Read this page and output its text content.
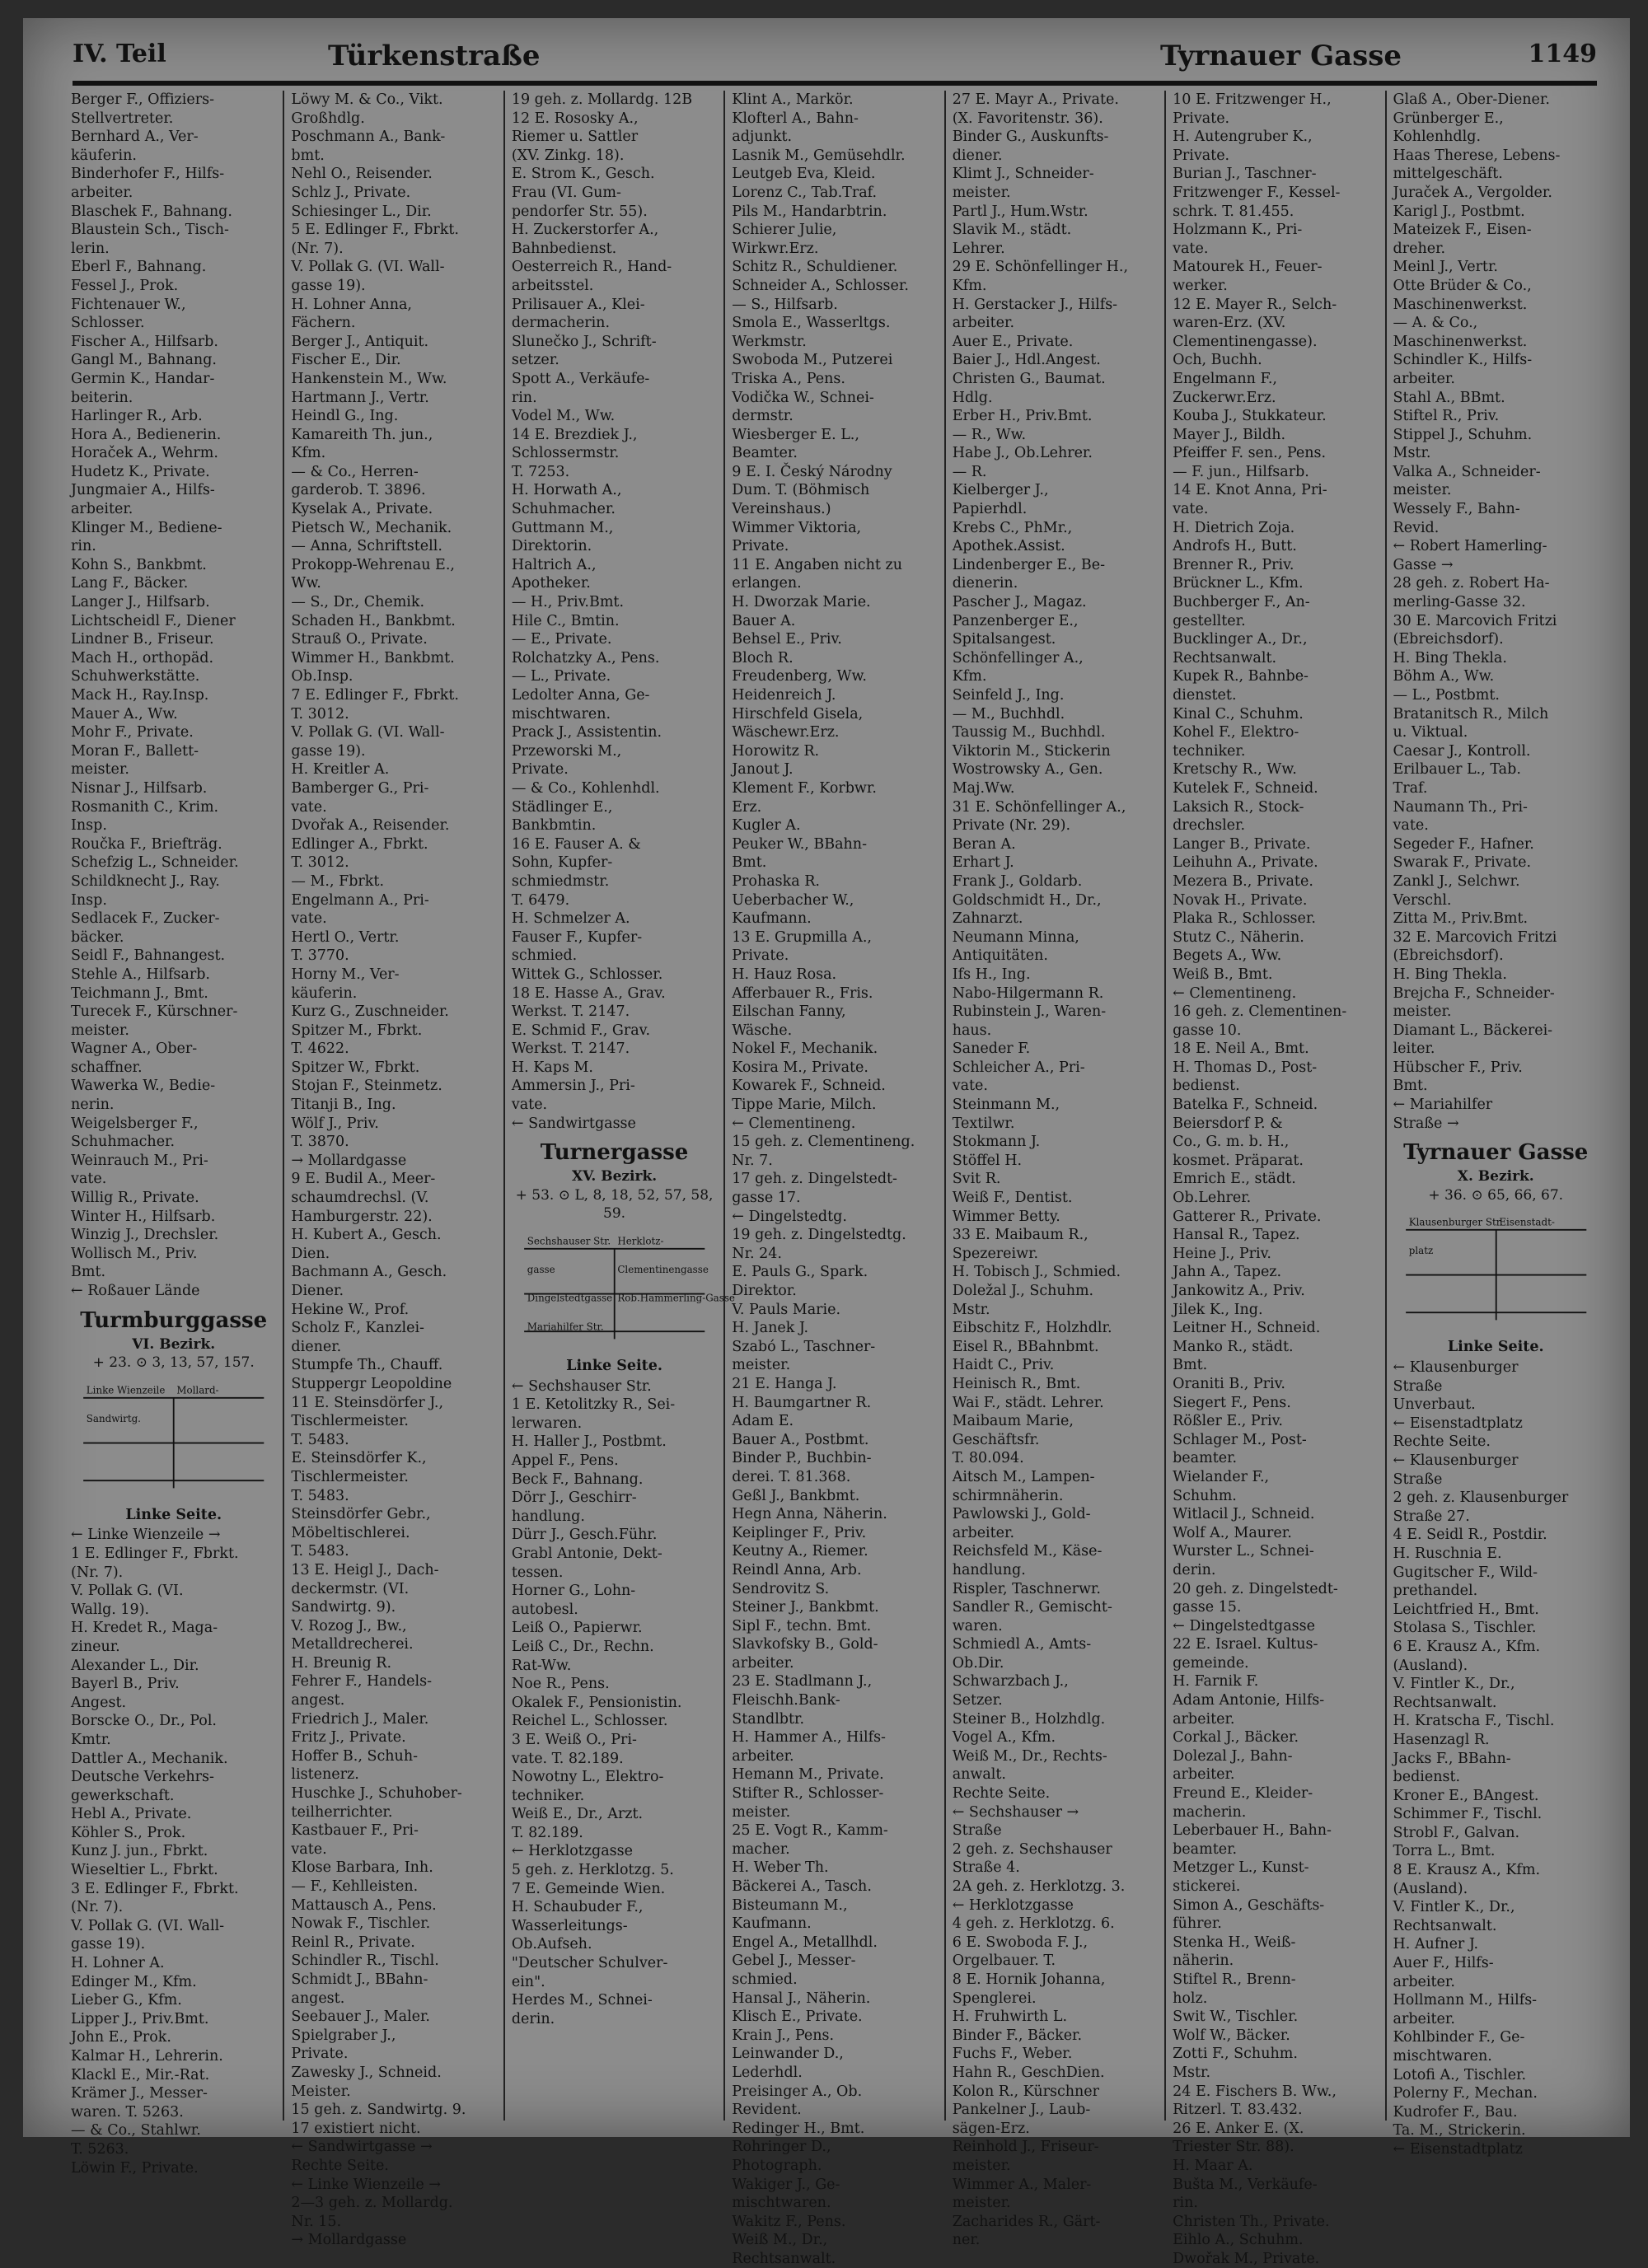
IV. Teil	Türkenstraße	Tyrnauer Gasse	1149
Berger F., Offiziers-
Stellvertreter.
Bernhard A., Ver-
käuferin.
Binderhofer F., Hilfs-
arbeiter.
Blaschek F., Bahnang.
Blaustein Sch., Tisch-
lerin.
Eberl F., Bahnang.
Fessel J., Prok.
Fichtenauer W.,
Schlosser.
Fischer A., Hilfsarb.
Gangl M., Bahnang.
Germin K., Handar-
beiterin.
Harlinger R., Arb.
Hora A., Bedienerin.
Horaček A., Wehrm.
Hudetz K., Private.
Jungmaier A., Hilfs-
arbeiter.
Klinger M., Bediene-
rin.
Kohn S., Bankbmt.
Lang F., Bäcker.
Langer J., Hilfsarb.
Lichtscheidl F., Diener
Lindner B., Friseur.
Mach H., orthopäd.
Schuhwerkstätte.
Mack H., Ray.Insp.
Mauer A., Ww.
Mohr F., Private.
Moran F., Ballett-
meister.
Nisnar J., Hilfsarb.
Rosmanith C., Krim.
Insp.
Roučka F., Briefträg.
Schefzig L., Schneider.
Schildknecht J., Ray.
Insp.
Sedlacek F., Zucker-
bäcker.
Seidl F., Bahnangest.
Stehle A., Hilfsarb.
Teichmann J., Bmt.
Turecek F., Kürschner-
meister.
Wagner A., Ober-
schaffner.
Wawerka W., Bedie-
nerin.
Weigelsberger F.,
Schuhmacher.
Weinrauch M., Pri-
vate.
Willig R., Private.
Winter H., Hilfsarb.
Winzig J., Drechsler.
Wollisch M., Priv.
Bmt.
← Roßauer Lände
Turmburggasse
VI. Bezirk.
+ 23. ⊙ 3, 13, 57, 157.
Linke Wienzeile Mollard-
Sandwirtg.
Linke Seite.
← Linke Wienzeile →
1 E. Edlinger F., Fbrkt.
(Nr. 7).
V. Pollak G. (VI.
Wallg. 19).
H. Kredet R., Maga-
zineur.
Alexander L., Dir.
Bayerl B., Priv.
Angest.
Borscke O., Dr., Pol.
Kmtr.
Dattler A., Mechanik.
Deutsche Verkehrs-
gewerkschaft.
Hebl A., Private.
Köhler S., Prok.
Kunz J. jun., Fbrkt.
Wieseltier L., Fbrkt.
3 E. Edlinger F., Fbrkt.
(Nr. 7).
V. Pollak G. (VI. Wall-
gasse 19).
H. Lohner A.
Edinger M., Kfm.
Lieber G., Kfm.
Lipper J., Priv.Bmt.
John E., Prok.
Kalmar H., Lehrerin.
Klackl E., Mir.-Rat.
Krämer J., Messer-
waren. T. 5263.
— & Co., Stahlwr.
T. 5263.
Löwin F., Private.
Löwy M. & Co., Vikt.
Großhdlg.
Poschmann A., Bank-
bmt.
Nehl O., Reisender.
Schlz J., Private.
Schiesinger L., Dir.
5 E. Edlinger F., Fbrkt.
(Nr. 7).
V. Pollak G. (VI. Wall-
gasse 19).
H. Lohner Anna,
Fächern.
Berger J., Antiquit.
Fischer E., Dir.
Hankenstein M., Ww.
Hartmann J., Vertr.
Heindl G., Ing.
Kamareith Th. jun.,
Kfm.
— & Co., Herren-
garderob. T. 3896.
Kyselak A., Private.
Pietsch W., Mechanik.
— Anna, Schriftstell.
Prokopp-Wehrenau E.,
Ww.
— S., Dr., Chemik.
Schaden H., Bankbmt.
Strauß O., Private.
Wimmer H., Bankbmt.
Ob.Insp.
7 E. Edlinger F., Fbrkt.
T. 3012.
V. Pollak G. (VI. Wall-
gasse 19).
H. Kreitler A.
Bamberger G., Pri-
vate.
Dvořak A., Reisender.
Edlinger A., Fbrkt.
T. 3012.
— M., Fbrkt.
Engelmann A., Pri-
vate.
Hertl O., Vertr.
T. 3770.
Horny M., Ver-
käuferin.
Kurz G., Zuschneider.
Spitzer M., Fbrkt.
T. 4622.
Spitzer W., Fbrkt.
Stojan F., Steinmetz.
Titanji B., Ing.
Wölf J., Priv.
T. 3870.
→ Mollardgasse
9 E. Budil A., Meer-
schaumdrechsl. (V.
Hamburgerstr. 22).
H. Kubert A., Gesch.
Dien.
Bachmann A., Gesch.
Diener.
Hekine W., Prof.
Scholz F., Kanzlei-
diener.
Stumpfe Th., Chauff.
Stuppergr Leopoldine
11 E. Steinsdörfer J.,
Tischlermeister.
T. 5483.
E. Steinsdörfer K.,
Tischlermeister.
T. 5483.
Steinsdörfer Gebr.,
Möbeltischlerei.
T. 5483.
13 E. Heigl J., Dach-
deckermstr. (VI.
Sandwirtg. 9).
V. Rozog J., Bw.,
Metalldrecherei.
H. Breunig R.
Fehrer F., Handels-
angest.
Friedrich J., Maler.
Fritz J., Private.
Hoffer B., Schuh-
listenerz.
Huschke J., Schuhober-
teilherrichter.
Kastbauer F., Pri-
vate.
Klose Barbara, Inh.
— F., Kehlleisten.
Mattausch A., Pens.
Nowak F., Tischler.
Reinl R., Private.
Schindler R., Tischl.
Schmidt J., BBahn-
angest.
Seebauer J., Maler.
Spielgraber J.,
Private.
Zawesky J., Schneid.
Meister.
15 geh. z. Sandwirtg. 9.
17 existiert nicht.
← Sandwirtgasse →
Rechte Seite.
← Linke Wienzeile →
2—3 geh. z. Mollardg.
Nr. 15.
→ Mollardgasse
19 geh. z. Mollardg. 12B
12 E. Rososky A.,
Riemer u. Sattler
(XV. Zinkg. 18).
E. Strom K., Gesch.
Frau (VI. Gum-
pendorfer Str. 55).
H. Zuckerstorfer A.,
Bahnbedienst.
Oesterreich R., Hand-
arbeitsstel.
Prilisauer A., Klei-
dermacherin.
Slunečko J., Schrift-
setzer.
Spott A., Verkäufe-
rin.
Vodel M., Ww.
14 E. Brezdiek J.,
Schlossermstr.
T. 7253.
H. Horwath A.,
Schuhmacher.
Guttmann M.,
Direktorin.
Haltrich A.,
Apotheker.
— H., Priv.Bmt.
Hile C., Bmtin.
— E., Private.
Rolchatzky A., Pens.
— L., Private.
Ledolter Anna, Ge-
mischtwaren.
Prack J., Assistentin.
Przeworski M.,
Private.
— & Co., Kohlenhdl.
Städlinger E.,
Bankbmtin.
16 E. Fauser A. &
Sohn, Kupfer-
schmiedmstr.
T. 6479.
H. Schmelzer A.
Fauser F., Kupfer-
schmied.
Wittek G., Schlosser.
18 E. Hasse A., Grav.
Werkst. T. 2147.
E. Schmid F., Grav.
Werkst. T. 2147.
H. Kaps M.
Ammersin J., Pri-
vate.
← Sandwirtgasse
Turnergasse
XV. Bezirk.
+ 53. ⊙ L, 8, 18, 52, 57, 58, 59.
Sechshauser Str. Herklotz-
gasse	Clementinengasse
Dingelstedtgasse Rob.Hammerling-Gasse
Mariahilfer Str.
Linke Seite.
← Sechshauser Str.
1 E. Ketolitzky R., Sei-
lerwaren.
H. Haller J., Postbmt.
Appel F., Pens.
Beck F., Bahnang.
Dörr J., Geschirr-
handlung.
Dürr J., Gesch.Führ.
Grabl Antonie, Dekt-
tessen.
Horner G., Lohn-
autobesl.
Leiß O., Papierwr.
Leiß C., Dr., Rechn.
Rat-Ww.
Noe R., Pens.
Okalek F., Pensionistin.
Reichel L., Schlosser.
3 E. Weiß O., Pri-
vate. T. 82.189.
Nowotny L., Elektro-
techniker.
Weiß E., Dr., Arzt.
T. 82.189.
← Herklotzgasse
5 geh. z. Herklotzg. 5.
7 E. Gemeinde Wien.
H. Schaubuder F.,
Wasserleitungs-
Ob.Aufseh.
"Deutscher Schulver-
ein".
Herdes M., Schnei-
derin.
Klint A., Markör.
Klofterl A., Bahn-
adjunkt.
Lasnik M., Gemüsehdlr.
Leutgeb Eva, Kleid.
Lorenz C., Tab.Traf.
Pils M., Handarbtrin.
Schierer Julie,
Wirkwr.Erz.
Schitz R., Schuldiener.
Schneider A., Schlosser.
— S., Hilfsarb.
Smola E., Wasserltgs.
Werkmstr.
Swoboda M., Putzerei
Triska A., Pens.
Vodička W., Schnei-
dermstr.
Wiesberger E. L.,
Beamter.
9 E. I. Český Národny
Dum. T. (Böhmisch
Vereinshaus.)
Wimmer Viktoria,
Private.
11 E. Angaben nicht zu
erlangen.
H. Dworzak Marie.
Bauer A.
Behsel E., Priv.
Bloch R.
Freudenberg, Ww.
Heidenreich J.
Hirschfeld Gisela,
Wäschewr.Erz.
Horowitz R.
Janout J.
Klement F., Korbwr.
Erz.
Kugler A.
Peuker W., BBahn-
Bmt.
Prohaska R.
Ueberbacher W.,
Kaufmann.
13 E. Grupmilla A.,
Private.
H. Hauz Rosa.
Afferbauer R., Fris.
Eilschan Fanny,
Wäsche.
Nokel F., Mechanik.
Kosira M., Private.
Kowarek F., Schneid.
Tippe Marie, Milch.
← Clementineng.
15 geh. z. Clementineng.
Nr. 7.
17 geh. z. Dingelstedt-
gasse 17.
← Dingelstedtg.
19 geh. z. Dingelstedtg.
Nr. 24.
E. Pauls G., Spark.
Direktor.
V. Pauls Marie.
H. Janek J.
Szabó L., Taschner-
meister.
21 E. Hanga J.
H. Baumgartner R.
Adam E.
Bauer A., Postbmt.
Binder P., Buchbin-
derei. T. 81.368.
Geßl J., Bankbmt.
Hegn Anna, Näherin.
Keiplinger F., Priv.
Keutny A., Riemer.
Reindl Anna, Arb.
Sendrovitz S.
Steiner J., Bankbmt.
Sipl F., techn. Bmt.
Slavkofsky B., Gold-
arbeiter.
23 E. Stadlmann J.,
Fleischh.Bank-
Standlbtr.
H. Hammer A., Hilfs-
arbeiter.
Hemann M., Private.
Stifter R., Schlosser-
meister.
25 E. Vogt R., Kamm-
macher.
H. Weber Th.
Bäckerei A., Tasch.
Bisteumann M.,
Kaufmann.
Engel A., Metallhdl.
Gebel J., Messer-
schmied.
Hansal J., Näherin.
Klisch E., Private.
Krain J., Pens.
Leinwander D.,
Lederhdl.
Preisinger A., Ob.
Revident.
Redinger H., Bmt.
Rohringer D.,
Photograph.
Wakiger J., Ge-
mischtwaren.
Wakitz F., Pens.
Weiß M., Dr.,
Rechtsanwalt.
27 E. Mayr A., Private.
(X. Favoritenstr. 36).
Binder G., Auskunfts-
diener.
Klimt J., Schneider-
meister.
Partl J., Hum.Wstr.
Slavik M., städt.
Lehrer.
29 E. Schönfellinger H.,
Kfm.
H. Gerstacker J., Hilfs-
arbeiter.
Auer E., Private.
Baier J., Hdl.Angest.
Christen G., Baumat.
Hdlg.
Erber H., Priv.Bmt.
— R., Ww.
Habe J., Ob.Lehrer.
— R.
Kielberger J.,
Papierhdl.
Krebs C., PhMr.,
Apothek.Assist.
Lindenberger E., Be-
dienerin.
Pascher J., Magaz.
Panzenberger E.,
Spitalsangest.
Schönfellinger A.,
Kfm.
Seinfeld J., Ing.
— M., Buchhdl.
Taussig M., Buchhdl.
Viktorin M., Stickerin
Wostrowsky A., Gen.
Maj.Ww.
31 E. Schönfellinger A.,
Private (Nr. 29).
Beran A.
Erhart J.
Frank J., Goldarb.
Goldschmidt H., Dr.,
Zahnarzt.
Neumann Minna,
Antiquitäten.
Ifs H., Ing.
Nabo-Hilgermann R.
Rubinstein J., Waren-
haus.
Saneder F.
Schleicher A., Pri-
vate.
Steinmann M.,
Textilwr.
Stokmann J.
Stöffel H.
Svit R.
Weiß F., Dentist.
Wimmer Betty.
33 E. Maibaum R.,
Spezereiwr.
H. Tobisch J., Schmied.
Doležal J., Schuhm.
Mstr.
Eibschitz F., Holzhdlr.
Eisel R., BBahnbmt.
Haidt C., Priv.
Heinisch R., Bmt.
Wai F., städt. Lehrer.
Maibaum Marie,
Geschäftsfr.
T. 80.094.
Aitsch M., Lampen-
schirmnäherin.
Pawlowski J., Gold-
arbeiter.
Reichsfeld M., Käse-
handlung.
Rispler, Taschnerwr.
Sandler R., Gemischt-
waren.
Schmiedl A., Amts-
Ob.Dir.
Schwarzbach J.,
Setzer.
Steiner B., Holzhdlg.
Vogel A., Kfm.
Weiß M., Dr., Rechts-
anwalt.
Rechte Seite.
← Sechshauser →
Straße
2 geh. z. Sechshauser
Straße 4.
2A geh. z. Herklotzg. 3.
← Herklotzgasse
4 geh. z. Herklotzg. 6.
6 E. Swoboda F. J.,
Orgelbauer. T.
8 E. Hornik Johanna,
Spenglerei.
H. Fruhwirth L.
Binder F., Bäcker.
Fuchs F., Weber.
Hahn R., GeschDien.
Kolon R., Kürschner
Pankelner J., Laub-
sägen-Erz.
Reinhold J., Friseur-
meister.
Wimmer A., Maler-
meister.
Zacharides R., Gärt-
ner.
10 E. Fritzwenger H.,
Private.
H. Autengruber K.,
Private.
Burian J., Taschner-
Fritzwenger F., Kessel-
schrk. T. 81.455.
Holzmann K., Pri-
vate.
Matourek H., Feuer-
werker.
12 E. Mayer R., Selch-
waren-Erz. (XV.
Clementinengasse).
Och, Buchh.
Engelmann F.,
Zuckerwr.Erz.
Kouba J., Stukkateur.
Mayer J., Bildh.
Pfeiffer F. sen., Pens.
— F. jun., Hilfsarb.
14 E. Knot Anna, Pri-
vate.
H. Dietrich Zoja.
Androfs H., Butt.
Brenner R., Priv.
Brückner L., Kfm.
Buchberger F., An-
gestellter.
Bucklinger A., Dr.,
Rechtsanwalt.
Kupek R., Bahnbe-
dienstet.
Kinal C., Schuhm.
Kohel F., Elektro-
techniker.
Kretschy R., Ww.
Kutelek F., Schneid.
Laksich R., Stock-
drechsler.
Langer B., Private.
Leihuhn A., Private.
Mezera B., Private.
Novak H., Private.
Plaka R., Schlosser.
Stutz C., Näherin.
Begets A., Ww.
Weiß B., Bmt.
← Clementineng.
16 geh. z. Clementinen-
gasse 10.
18 E. Neil A., Bmt.
H. Thomas D., Post-
bedienst.
Batelka F., Schneid.
Beiersdorf P. &
Co., G. m. b. H.,
kosmet. Präparat.
Emrich E., städt.
Ob.Lehrer.
Gatterer R., Private.
Hansal R., Tapez.
Heine J., Priv.
Jahn A., Tapez.
Jankowitz A., Priv.
Jilek K., Ing.
Leitner H., Schneid.
Manko R., städt.
Bmt.
Oraniti B., Priv.
Siegert F., Pens.
Rößler E., Priv.
Schlager M., Post-
beamter.
Wielander F.,
Schuhm.
Witlacil J., Schneid.
Wolf A., Maurer.
Wurster L., Schnei-
derin.
20 geh. z. Dingelstedt-
gasse 15.
← Dingelstedtgasse
22 E. Israel. Kultus-
gemeinde.
H. Farnik F.
Adam Antonie, Hilfs-
arbeiter.
Corkal J., Bäcker.
Dolezal J., Bahn-
arbeiter.
Freund E., Kleider-
macherin.
Leberbauer H., Bahn-
beamter.
Metzger L., Kunst-
stickerei.
Simon A., Geschäfts-
führer.
Stenka H., Weiß-
näherin.
Stiftel R., Brenn-
holz.
Swit W., Tischler.
Wolf W., Bäcker.
Zotti F., Schuhm.
Mstr.
24 E. Fischers B. Ww.,
Ritzerl. T. 83.432.
26 E. Anker E. (X.
Triester Str. 88).
H. Maar A.
Bušta M., Verkäufe-
rin.
Christen Th., Private.
Eihlo A., Schuhm.
Dwořak M., Private.
Glaß A., Ober-Diener.
Grünberger E.,
Kohlenhdlg.
Haas Therese, Lebens-
mittelgeschäft.
Juraček A., Vergolder.
Karigl J., Postbmt.
Mateizek F., Eisen-
dreher.
Meinl J., Vertr.
Otte Brüder & Co.,
Maschinenwerkst.
— A. & Co.,
Maschinenwerkst.
Schindler K., Hilfs-
arbeiter.
Stahl A., BBmt.
Stiftel R., Priv.
Stippel J., Schuhm.
Mstr.
Valka A., Schneider-
meister.
Wessely F., Bahn-
Revid.
← Robert Hamerling-
Gasse →
28 geh. z. Robert Ha-
merling-Gasse 32.
30 E. Marcovich Fritzi
(Ebreichsdorf).
H. Bing Thekla.
Böhm A., Ww.
— L., Postbmt.
Bratanitsch R., Milch
u. Viktual.
Caesar J., Kontroll.
Erilbauer L., Tab.
Traf.
Naumann Th., Pri-
vate.
Segeder F., Hafner.
Swarak F., Private.
Zankl J., Selchwr.
Verschl.
Zitta M., Priv.Bmt.
32 E. Marcovich Fritzi
(Ebreichsdorf).
H. Bing Thekla.
Brejcha F., Schneider-
meister.
Diamant L., Bäckerei-
leiter.
Hübscher F., Priv.
Bmt.
← Mariahilfer
Straße →
Tyrnauer Gasse
X. Bezirk.
+ 36. ⊙ 65, 66, 67.
Klausenburger Str.
Eisenstadt-
platz
Linke Seite.
← Klausenburger
Straße
Unverbaut.
← Eisenstadtplatz
Rechte Seite.
← Klausenburger
Straße
2 geh. z. Klausenburger
Straße 27.
4 E. Seidl R., Postdir.
H. Ruschnia E.
Gugitscher F., Wild-
prethandel.
Leichtfried H., Bmt.
Stolasa S., Tischler.
6 E. Krausz A., Kfm.
(Ausland).
V. Fintler K., Dr.,
Rechtsanwalt.
H. Kratscha F., Tischl.
Hasenzagl R.
Jacks F., BBahn-
bedienst.
Kroner E., BAngest.
Schimmer F., Tischl.
Strobl F., Galvan.
Torra L., Bmt.
8 E. Krausz A., Kfm.
(Ausland).
V. Fintler K., Dr.,
Rechtsanwalt.
H. Aufner J.
Auer F., Hilfs-
arbeiter.
Hollmann M., Hilfs-
arbeiter.
Kohlbinder F., Ge-
mischtwaren.
Lotofi A., Tischler.
Polerny F., Mechan.
Kudrofer F., Bau.
Ta. M., Strickerin.
← Eisenstadtplatz
